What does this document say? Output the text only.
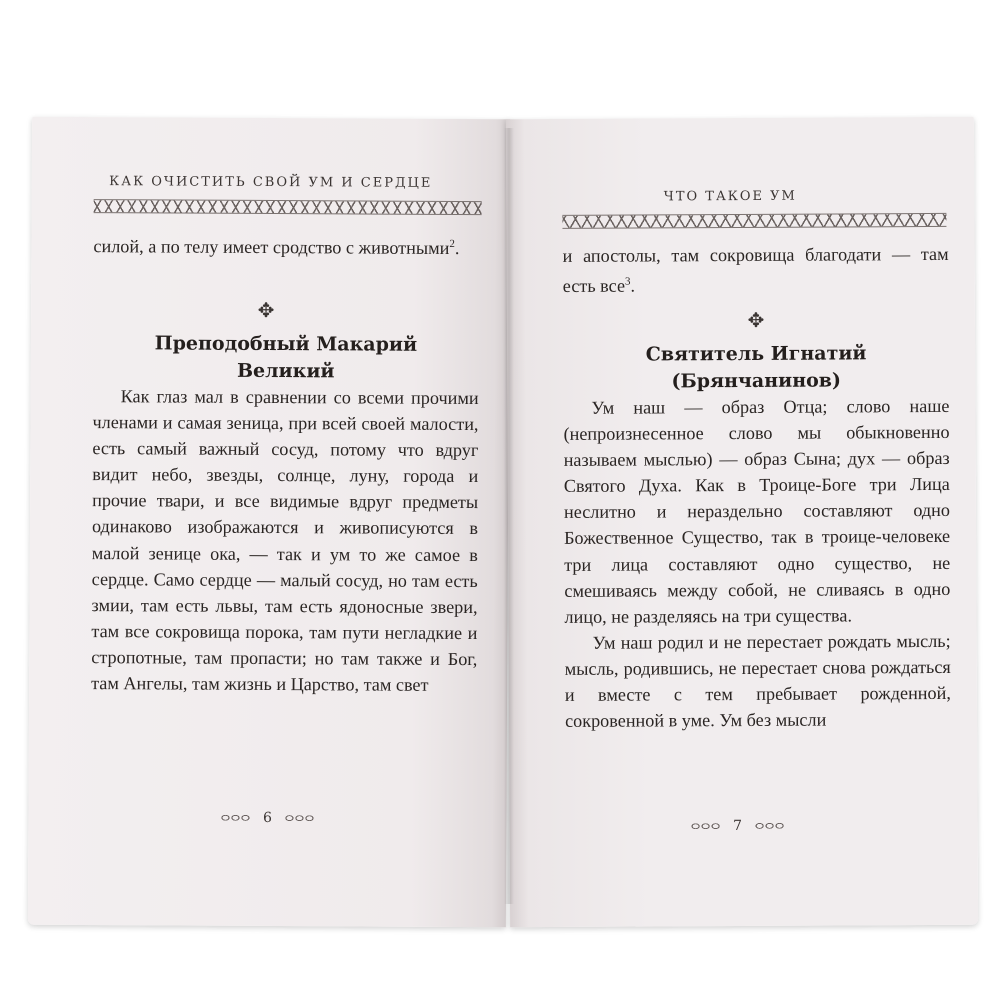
​
КАК ОЧИСТИТЬ СВОЙ УМ И СЕРДЦЕ

силой, а по телу имеет сродство с животными$^2$.

✥
Преподобный Макарий
Великий

Как глаз мал в сравнении со всеми прочими членами и самая зеница, при всей своей малости, есть самый важный сосуд, потому что вдруг видит небо, звезды, солнце, луну, города и прочие твари, и все видимые вдруг предметы одинаково изображаются и живописуются в малой зенице ока, — так и ум то же самое в сердце. Само сердце — малый сосуд, но там есть змии, там есть львы, там есть ядоносные звери, там все сокровища порока, там пути негладкие и стропотные, там пропасти; но там также и Бог, там Ангелы, там жизнь и Царство, там свет

6
ЧТО ТАКОЕ УМ

и апостолы, там сокровища благодати — там есть все$^3$.

✥
Святитель Игнатий
(Брянчанинов)

Ум наш — образ Отца; слово наше (непроизнесенное слово мы обыкновенно называем мыслью) — образ Сына; дух — образ Святого Духа. Как в Троице-Боге три Лица неслитно и нераздельно составляют одно Божественное Существо, так в троице-человеке три лица составляют одно существо, не смешиваясь между собой, не сливаясь в одно лицо, не разделяясь на три существа.

Ум наш родил и не перестает рождать мысль; мысль, родившись, не перестает снова рождаться и вместе с тем пребывает рожденной, сокровенной в уме. Ум без мысли

7
